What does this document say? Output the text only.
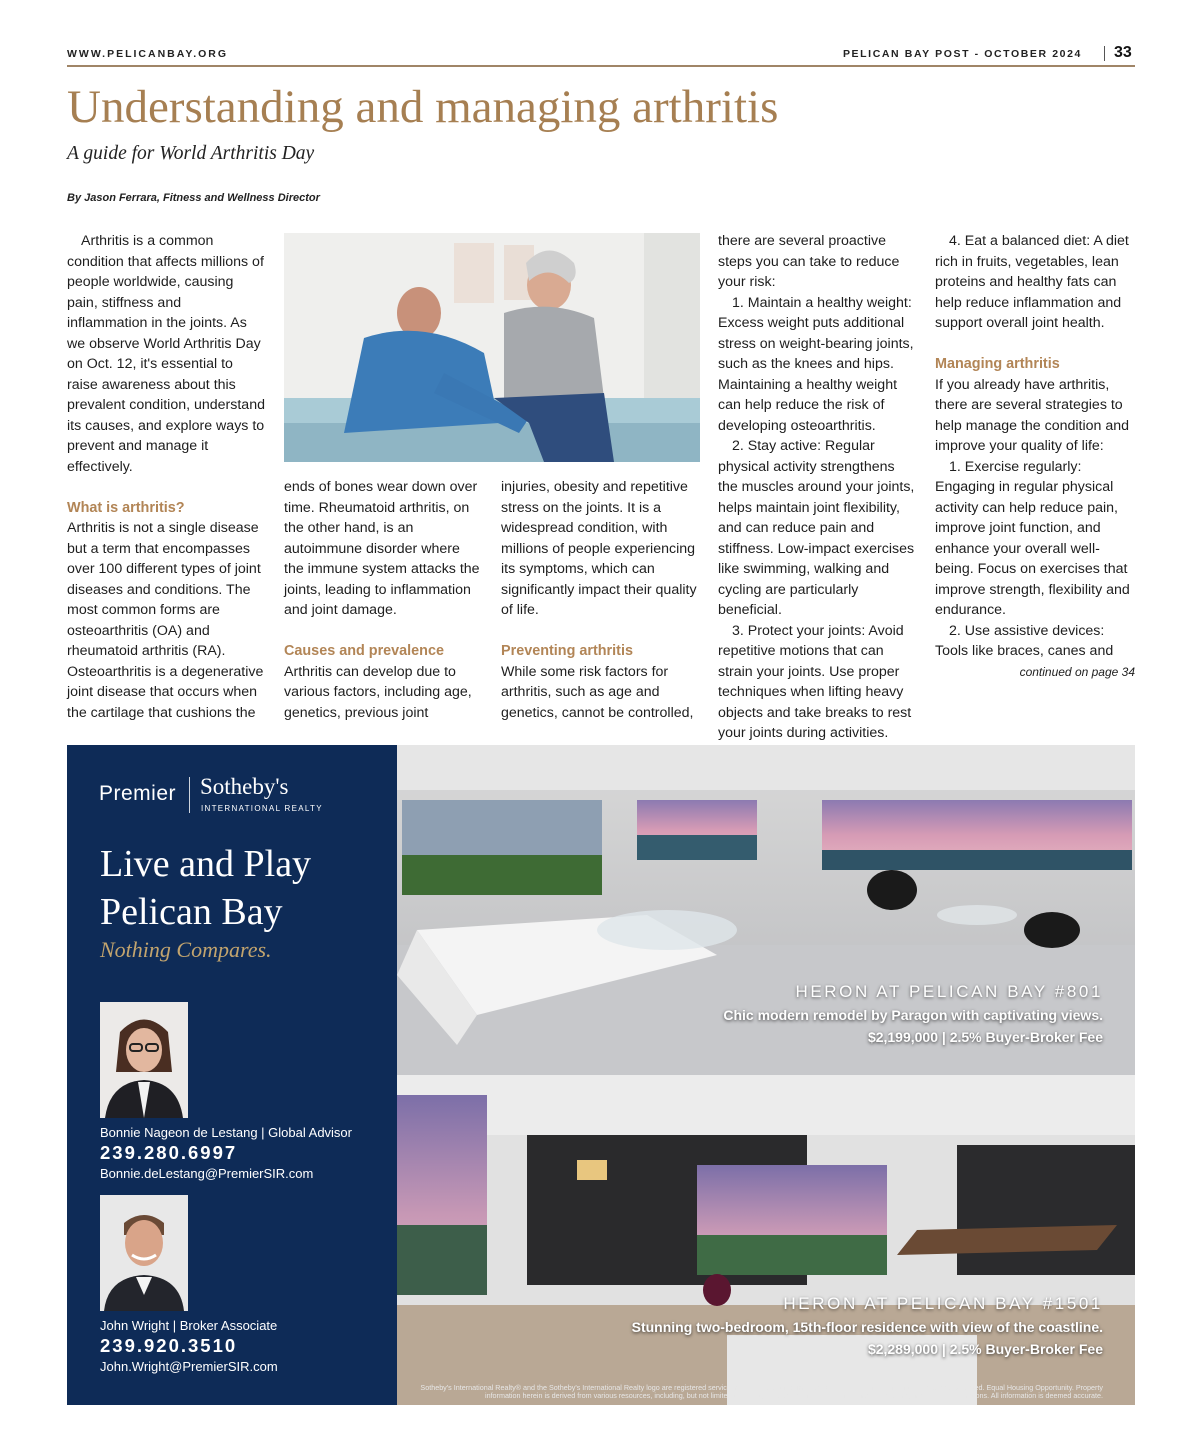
WWW.PELICANBAY.ORG	PELICAN BAY POST - OCTOBER 2024 33
Understanding and managing arthritis
A guide for World Arthritis Day
By Jason Ferrara, Fitness and Wellness Director

Arthritis is a common condition that affects millions of people worldwide, causing pain, stiffness and inflammation in the joints. As we observe World Arthritis Day on Oct. 12, it's essential to raise awareness about this prevalent condition, understand its causes, and explore ways to prevent and manage it effectively.

What is arthritis?

Arthritis is not a single disease but a term that encompasses over 100 different types of joint diseases and conditions. The most common forms are osteoarthritis (OA) and rheumatoid arthritis (RA). Osteoarthritis is a degenerative joint disease that occurs when the cartilage that cushions the

ends of bones wear down over time. Rheumatoid arthritis, on the other hand, is an autoimmune disorder where the immune system attacks the joints, leading to inflammation and joint damage.

Causes and prevalence

Arthritis can develop due to various factors, including age, genetics, previous joint

injuries, obesity and repetitive stress on the joints. It is a widespread condition, with millions of people experiencing its symptoms, which can significantly impact their quality of life.

Preventing arthritis

While some risk factors for arthritis, such as age and genetics, cannot be controlled,

there are several proactive steps you can take to reduce your risk:

1. Maintain a healthy weight: Excess weight puts additional stress on weight-bearing joints, such as the knees and hips. Maintaining a healthy weight can help reduce the risk of developing osteoarthritis.

2. Stay active: Regular physical activity strengthens the muscles around your joints, helps maintain joint flexibility, and can reduce pain and stiffness. Low-impact exercises like swimming, walking and cycling are particularly beneficial.

3. Protect your joints: Avoid repetitive motions that can strain your joints. Use proper techniques when lifting heavy objects and take breaks to rest your joints during activities.

4. Eat a balanced diet: A diet rich in fruits, vegetables, lean proteins and healthy fats can help reduce inflammation and support overall joint health.

Managing arthritis

If you already have arthritis, there are several strategies to help manage the condition and improve your quality of life:

1. Exercise regularly: Engaging in regular physical activity can help reduce pain, improve joint function, and enhance your overall well-being. Focus on exercises that improve strength, flexibility and endurance.

2. Use assistive devices: Tools like braces, canes and

continued on page 34

Premier Sotheby's
INTERNATIONAL REALTY
Live and Play Pelican Bay
Nothing Compares.
Bonnie Nageon de Lestang | Global Advisor
239.280.6997
Bonnie.deLestang@PremierSIR.com
John Wright | Broker Associate
239.920.3510
John.Wright@PremierSIR.com
HERON AT PELICAN BAY #801
Chic modern remodel by Paragon with captivating views.
$2,199,000 | 2.5% Buyer-Broker Fee
HERON AT PELICAN BAY #1501
Stunning two-bedroom, 15th-floor residence with view of the coastline.
$2,289,000 | 2.5% Buyer-Broker Fee
Sotheby's International Realty® and the Sotheby's International Realty logo are registered service marks used with permission. Each office is independently owned and operated. Equal Housing Opportunity. Property information herein is derived from various resources, including, but not limited to, county records and multiple listing services, and may include approximations. All information is deemed accurate.
